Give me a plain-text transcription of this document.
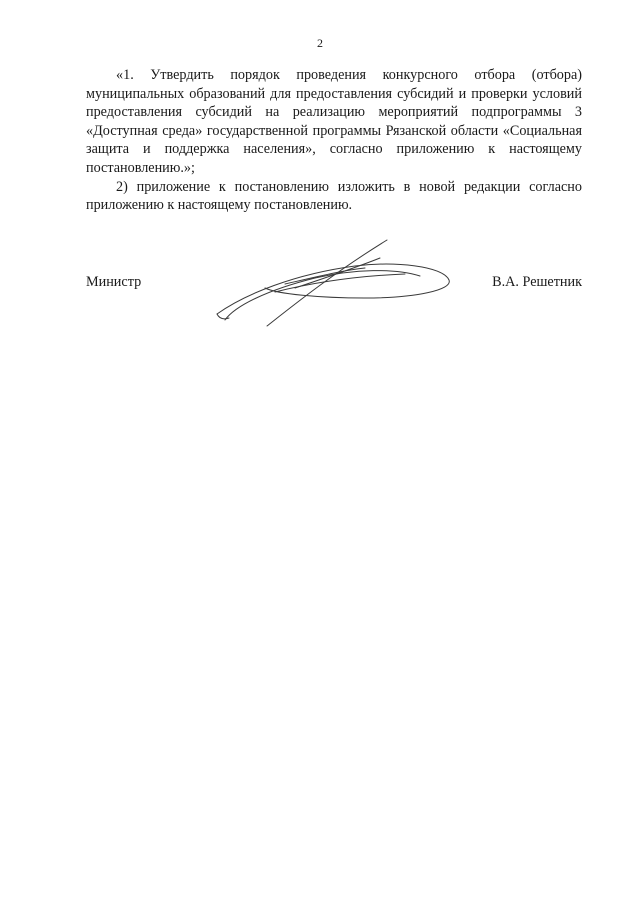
2

«1. Утвердить порядок проведения конкурсного отбора (отбора) муниципальных образований для предоставления субсидий и проверки условий предоставления субсидий на реализацию мероприятий подпрограммы 3 «Доступная среда» государственной программы Рязанской области «Социальная защита и поддержка населения», согласно приложению к настоящему постановлению.»;

2) приложение к постановлению изложить в новой редакции согласно приложению к настоящему постановлению.

Министр	В.А. Решетник
